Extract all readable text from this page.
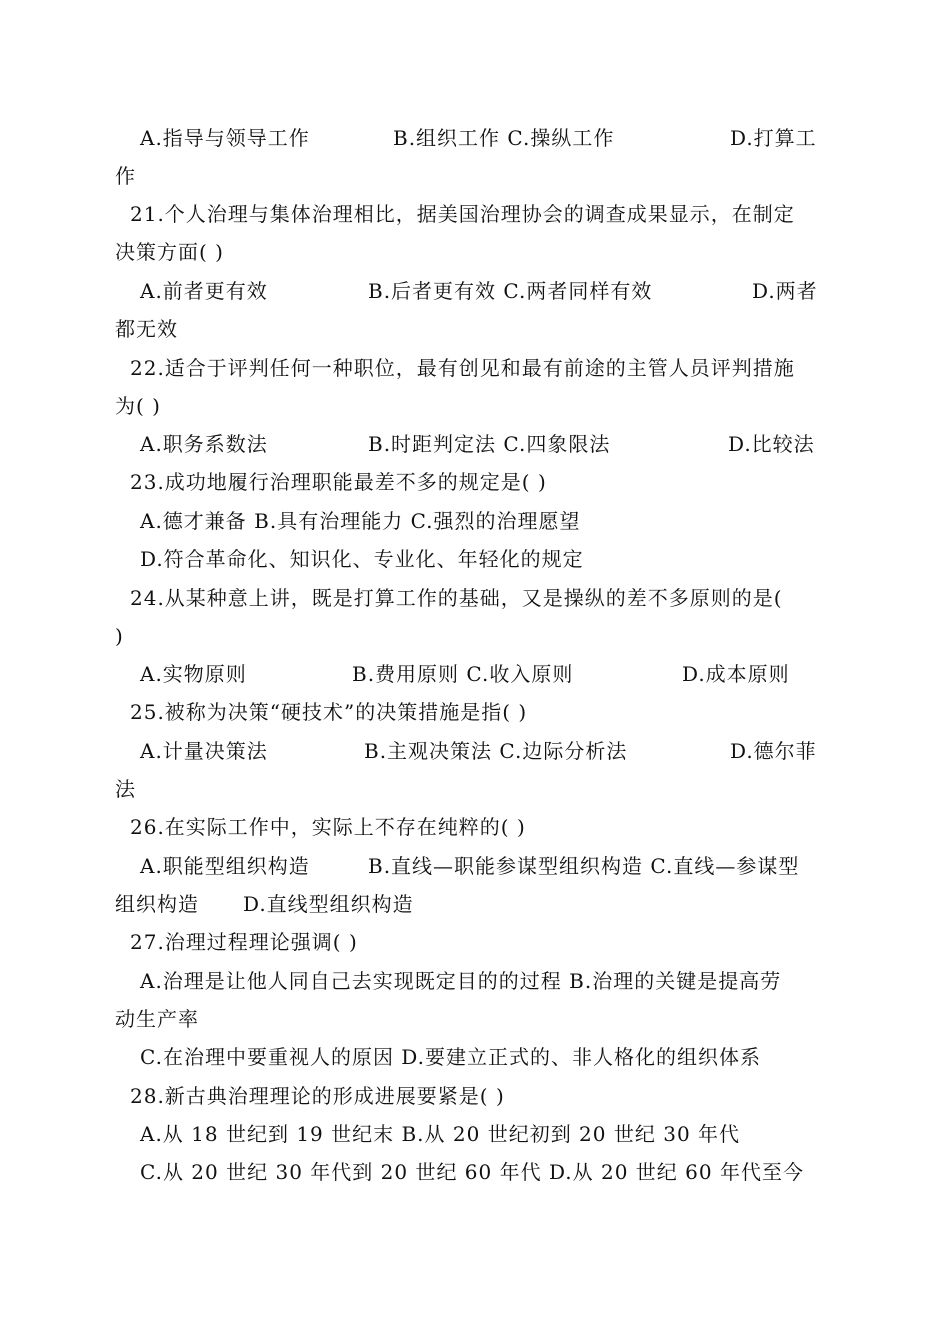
A.指导与领导工作	B.组织工作 C.操纵工作	D.打算工
作
21.个人治理与集体治理相比，据美国治理协会的调查成果显示，在制定
决策方面( )
A.前者更有效	B.后者更有效 C.两者同样有效	D.两者
都无效
22.适合于评判任何一种职位，最有创见和最有前途的主管人员评判措施
为( )
A.职务系数法	B.时距判定法 C.四象限法	D.比较法
23.成功地履行治理职能最差不多的规定是( )
A.德才兼备 B.具有治理能力 C.强烈的治理愿望
D.符合革命化、知识化、专业化、年轻化的规定
24.从某种意上讲，既是打算工作的基础，又是操纵的差不多原则的是(
)
A.实物原则	B.费用原则 C.收入原则	D.成本原则
25.被称为决策“硬技术”的决策措施是指( )
A.计量决策法	B.主观决策法 C.边际分析法	D.德尔菲
法
26.在实际工作中，实际上不存在纯粹的( )
A.职能型组织构造	B.直线—职能参谋型组织构造 C.直线—参谋型
组织构造 D.直线型组织构造
27.治理过程理论强调( )
A.治理是让他人同自己去实现既定目的的过程 B.治理的关键是提高劳
动生产率
C.在治理中要重视人的原因 D.要建立正式的、非人格化的组织体系
28.新古典治理理论的形成进展要紧是( )
A.从 18 世纪到 19 世纪末 B.从 20 世纪初到 20 世纪 30 年代
C.从 20 世纪 30 年代到 20 世纪 60 年代 D.从 20 世纪 60 年代至今
